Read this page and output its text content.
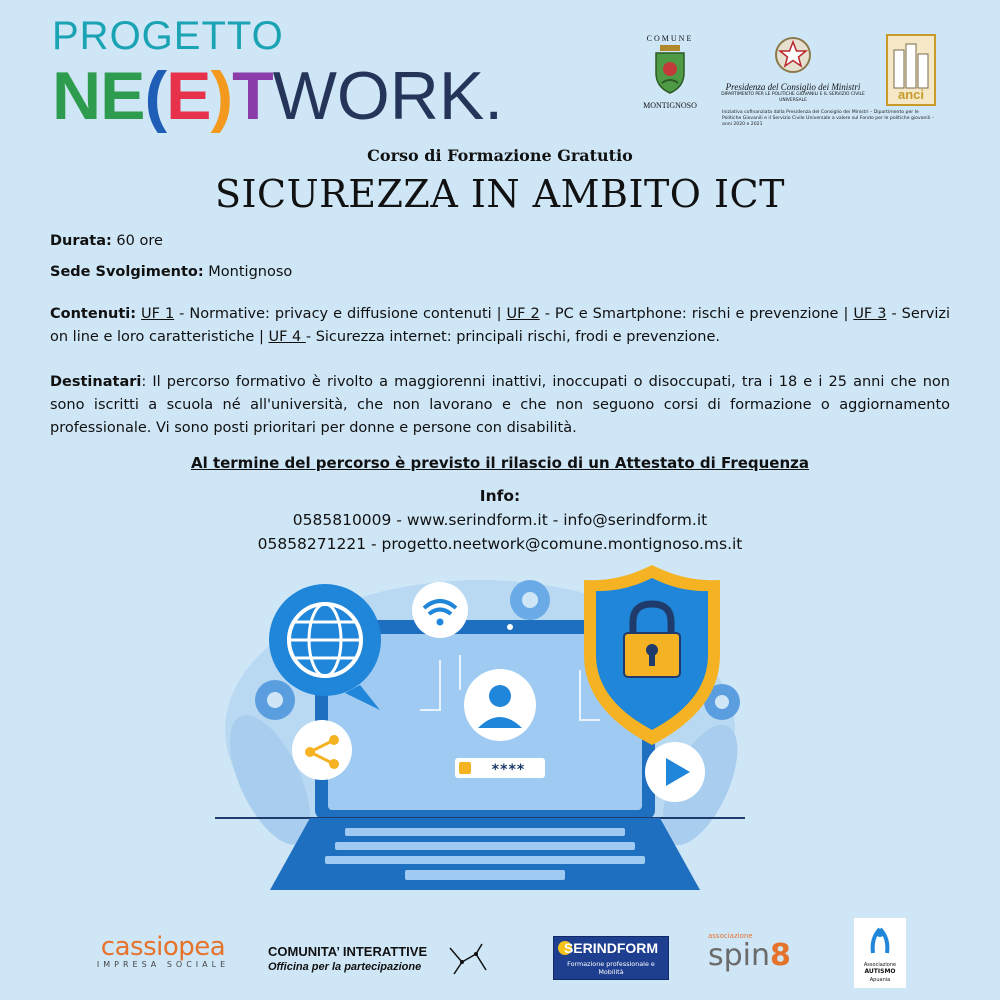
PROGETTO
NE(E)TWORK.
COMUNE
MONTIGNOSO
Presidenza del Consiglio dei Ministri
DIPARTIMENTO PER LE POLITICHE GIOVANILI E IL SERVIZIO CIVILE UNIVERSALE	anci
Iniziativa cofinanziata dalla Presidenza del Consiglio dei Ministri – Dipartimento per le Politiche Giovanili e il Servizio Civile Universale a valere sul Fondo per le politiche giovanili – anni 2020 e 2021
Corso di Formazione Gratutio
SICUREZZA IN AMBITO ICT
Durata: 60 ore
Sede Svolgimento: Montignoso
Contenuti: UF 1 - Normative: privacy e diffusione contenuti | UF 2 - PC e Smartphone: rischi e prevenzione | UF 3 - Servizi on line e loro caratteristiche | UF 4 - Sicurezza internet: principali rischi, frodi e prevenzione.
Destinatari: Il percorso formativo è rivolto a maggiorenni inattivi, inoccupati o disoccupati, tra i 18 e i 25 anni che non sono iscritti a scuola né all'università, che non lavorano e che non seguono corsi di formazione o aggiornamento professionale. Vi sono posti prioritari per donne e persone con disabilità.
Al termine del percorso è previsto il rilascio di un Attestato di Frequenza
Info:
0585810009 - www.serindform.it - info@serindform.it
05858271221 - progetto.neetwork@comune.montignoso.ms.it
****
cassiopea
IMPRESA SOCIALE
COMUNITA’ INTERATTIVE
Officina per la partecipazione
SERINDFORM
Formazione professionale e Mobilità
associazione
spin8	Associazione
AUTISMO
Apuania
